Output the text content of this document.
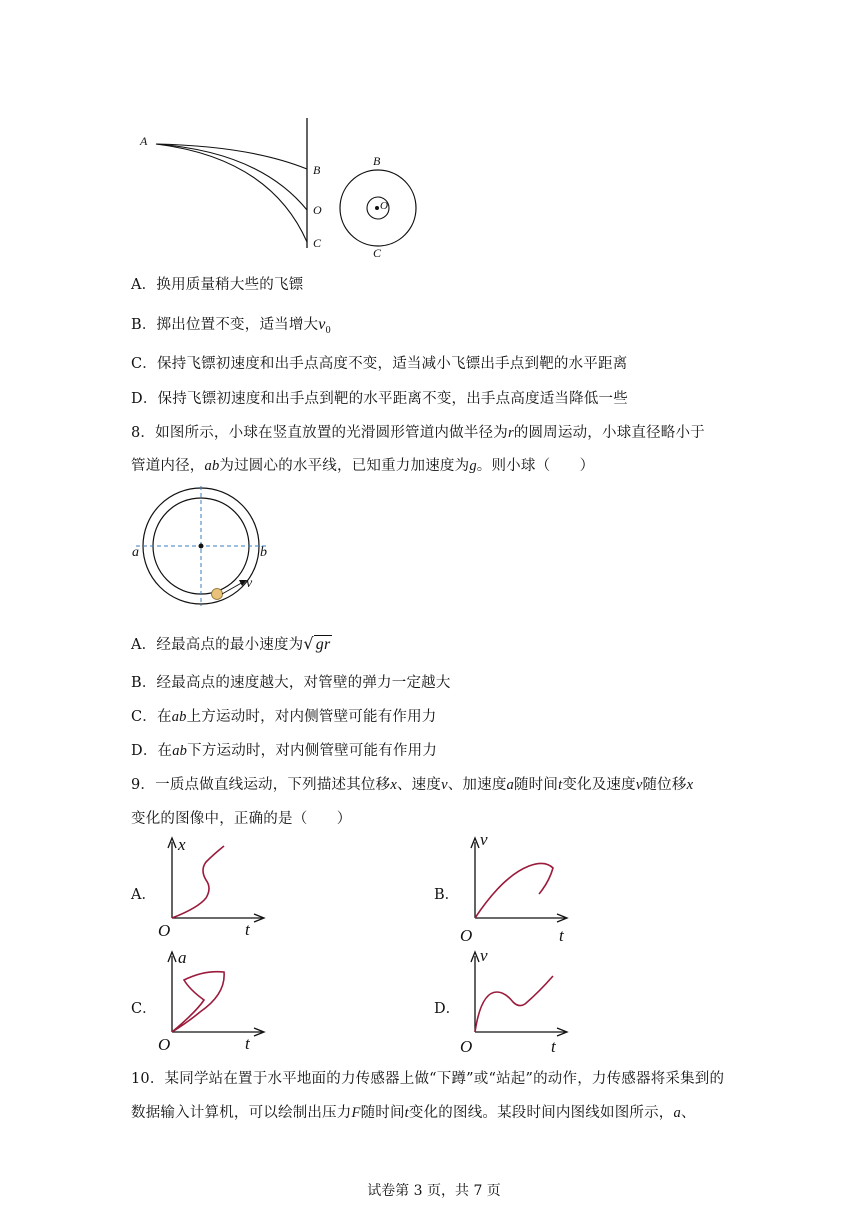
A
B
O
C
B
O
C
A．换用质量稍大些的飞镖
B．掷出位置不变，适当增大$v_0$
C．保持飞镖初速度和出手点高度不变，适当减小飞镖出手点到靶的水平距离
D．保持飞镖初速度和出手点到靶的水平距离不变，出手点高度适当降低一些
8．如图所示，小球在竖直放置的光滑圆形管道内做半径为r的圆周运动，小球直径略小于
管道内径，ab为过圆心的水平线，已知重力加速度为g。则小球（　　）
a	b
v
A．经最高点的最小速度为√ gr
B．经最高点的速度越大，对管壁的弹力一定越大
C．在ab上方运动时，对内侧管壁可能有作用力
D．在ab下方运动时，对内侧管壁可能有作用力
9．一质点做直线运动，下列描述其位移x、速度v、加速度a随时间t变化及速度v随位移x
变化的图像中，正确的是（　　）
A．
x
t
O
B．
v
t
O
C．
a
t
O
D．
v
t
O
10．某同学站在置于水平地面的力传感器上做“下蹲”或“站起”的动作，力传感器将采集到的
数据输入计算机，可以绘制出压力F随时间t变化的图线。某段时间内图线如图所示，a、
试卷第 3 页，共 7 页
